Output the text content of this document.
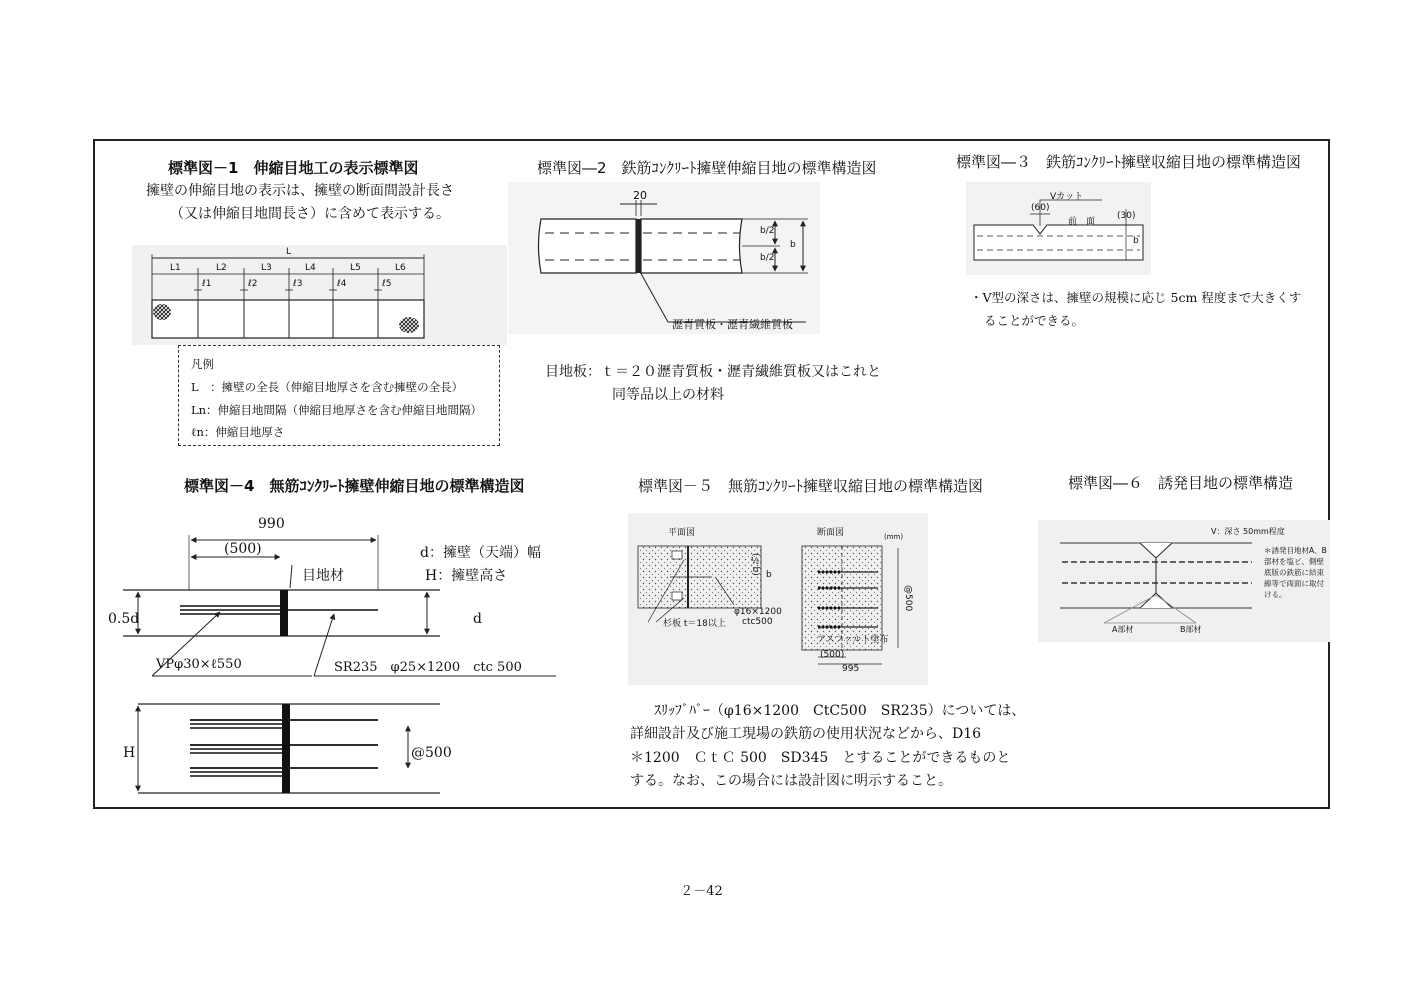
標準図－1　伸縮目地工の表示標準図
擁壁の伸縮目地の表示は、擁壁の断面間設計長さ
（又は伸縮目地間長さ）に含めて表示する。
L
L1	L2	L3	L4	L5	L6
ℓ1	ℓ2	ℓ3	ℓ4	ℓ5
凡例
L　：擁壁の全長（伸縮目地厚さを含む擁壁の全長）
Ln：伸縮目地間隔（伸縮目地厚さを含む伸縮目地間隔）
ℓn：伸縮目地厚さ
標準図―2　鉄筋ｺﾝｸﾘｰﾄ擁壁伸縮目地の標準構造図
20
b/2
b/2
b
瀝青質板・瀝青繊維質板
目地板：ｔ＝２０瀝青質板・瀝青繊維質板又はこれと
同等品以上の材料
標準図―３　鉄筋ｺﾝｸﾘｰﾄ擁壁収縮目地の標準構造図
Vカット
(60)
前　面
(30)
b
・V型の深さは、擁壁の規模に応じ 5cm 程度まで大きくす
ることができる。
標準図－4　無筋ｺﾝｸﾘｰﾄ擁壁伸縮目地の標準構造図
990
(500)
目地材
d：擁壁（天端）幅
H：擁壁高さ
0.5d	d
VPφ30×ℓ550	SR235　φ25×1200　ctc 500
H	@500
標準図－５　無筋ｺﾝｸﾘｰﾄ擁壁収縮目地の標準構造図
平面図	断面図	(mm)
φ16×1200
ctc500
杉板 t＝18以上
アスファルト塗布
(500)
995
@500
(½b) b
ｽﾘｯﾌﾞﾊﾞｰ（φ16×1200　CtC500　SR235）については、
詳細設計及び施工現場の鉄筋の使用状況などから、D16
＊1200　ＣｔＣ 500　SD345　とすることができるものと
する。なお、この場合には設計図に明示すること。
標準図―６　誘発目地の標準構造
V：深さ 50mm程度
＊誘発目地材A、B
部材を塩ビ、側壁
底版の鉄筋に結束
線等で両面に取付
ける。
A部材	B部材
２－42
